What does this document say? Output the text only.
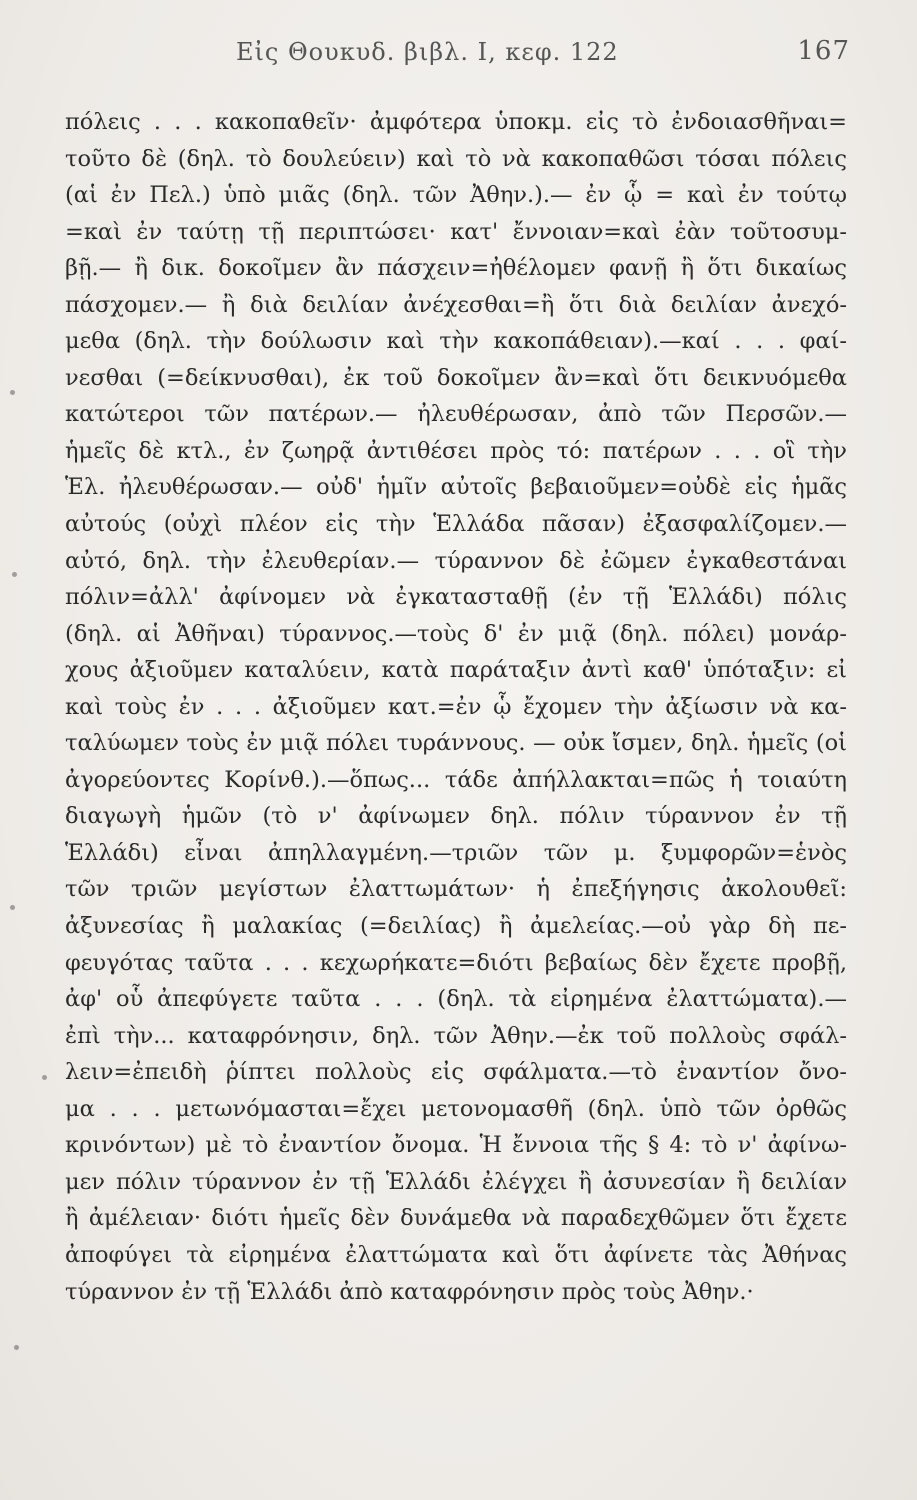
Εἰς Θουκυδ. βιβλ. I, κεφ. 122	167
πόλεις . . . κακοπαθεῖν· ἀμφότερα ὑποκμ. εἰς τὸ ἐνδοιασθῆναι=
τοῦτο δὲ (δηλ. τὸ δουλεύειν) καὶ τὸ νὰ κακοπαθῶσι τόσαι πόλεις
(αἱ ἐν Πελ.) ὑπὸ μιᾶς (δηλ. τῶν Ἀθην.).— ἐν ᾧ = καὶ ἐν τούτῳ
=καὶ ἐν ταύτῃ τῇ περιπτώσει· κατ' ἔννοιαν=καὶ ἐὰν τοῦτοσυμ-
βῇ.— ἢ δικ. δοκοῖμεν ἂν πάσχειν=ἠθέλομεν φανῇ ἢ ὅτι δικαίως
πάσχομεν.— ἢ διὰ δειλίαν ἀνέχεσθαι=ἢ ὅτι διὰ δειλίαν ἀνεχό-
μεθα (δηλ. τὴν δούλωσιν καὶ τὴν κακοπάθειαν).—καί . . . φαί-
νεσθαι (=δείκνυσθαι), ἐκ τοῦ δοκοῖμεν ἂν=καὶ ὅτι δεικνυόμεθα
κατώτεροι τῶν πατέρων.— ἠλευθέρωσαν, ἀπὸ τῶν Περσῶν.—
ἡμεῖς δὲ κτλ., ἐν ζωηρᾷ ἀντιθέσει πρὸς τό: πατέρων . . . οἳ τὴν
Ἑλ. ἠλευθέρωσαν.— οὐδ' ἡμῖν αὐτοῖς βεβαιοῦμεν=οὐδὲ εἰς ἡμᾶς
αὐτούς (οὐχὶ πλέον εἰς τὴν Ἑλλάδα πᾶσαν) ἐξασφαλίζομεν.—
αὐτό, δηλ. τὴν ἐλευθερίαν.— τύραννον δὲ ἐῶμεν ἐγκαθεστάναι
πόλιν=ἀλλ' ἀφίνομεν νὰ ἐγκατασταθῇ (ἐν τῇ Ἑλλάδι) πόλις
(δηλ. αἱ Ἀθῆναι) τύραννος.—τοὺς δ' ἐν μιᾷ (δηλ. πόλει) μονάρ-
χους ἀξιοῦμεν καταλύειν, κατὰ παράταξιν ἀντὶ καθ' ὑπόταξιν: εἰ
καὶ τοὺς ἐν . . . ἀξιοῦμεν κατ.=ἐν ᾧ ἔχομεν τὴν ἀξίωσιν νὰ κα-
ταλύωμεν τοὺς ἐν μιᾷ πόλει τυράννους. — οὐκ ἴσμεν, δηλ. ἡμεῖς (οἱ
ἀγορεύοντες Κορίνθ.).—ὅπως... τάδε ἀπήλλακται=πῶς ἡ τοιαύτη
διαγωγὴ ἡμῶν (τὸ ν' ἀφίνωμεν δηλ. πόλιν τύραννον ἐν τῇ
Ἑλλάδι) εἶναι ἀπηλλαγμένη.—τριῶν τῶν μ. ξυμφορῶν=ἑνὸς
τῶν τριῶν μεγίστων ἐλαττωμάτων· ἡ ἐπεξήγησις ἀκολουθεῖ:
ἀξυνεσίας ἢ μαλακίας (=δειλίας) ἢ ἀμελείας.—οὐ γὰρ δὴ πε-
φευγότας ταῦτα . . . κεχωρήκατε=διότι βεβαίως δὲν ἔχετε προβῇ,
ἀφ' οὗ ἀπεφύγετε ταῦτα . . . (δηλ. τὰ εἰρημένα ἐλαττώματα).—
ἐπὶ τὴν... καταφρόνησιν, δηλ. τῶν Ἀθην.—ἐκ τοῦ πολλοὺς σφάλ-
λειν=ἐπειδὴ ῥίπτει πολλοὺς εἰς σφάλματα.—τὸ ἐναντίον ὄνο-
μα . . . μετωνόμασται=ἔχει μετονομασθῆ (δηλ. ὑπὸ τῶν ὀρθῶς
κρινόντων) μὲ τὸ ἐναντίον ὄνομα. Ἡ ἔννοια τῆς § 4: τὸ ν' ἀφίνω-
μεν πόλιν τύραννον ἐν τῇ Ἑλλάδι ἐλέγχει ἢ ἀσυνεσίαν ἢ δειλίαν
ἢ ἀμέλειαν· διότι ἡμεῖς δὲν δυνάμεθα νὰ παραδεχθῶμεν ὅτι ἔχετε
ἀποφύγει τὰ εἰρημένα ἐλαττώματα καὶ ὅτι ἀφίνετε τὰς Ἀθήνας
τύραννον ἐν τῇ Ἑλλάδι ἀπὸ καταφρόνησιν πρὸς τοὺς Ἀθην.·
